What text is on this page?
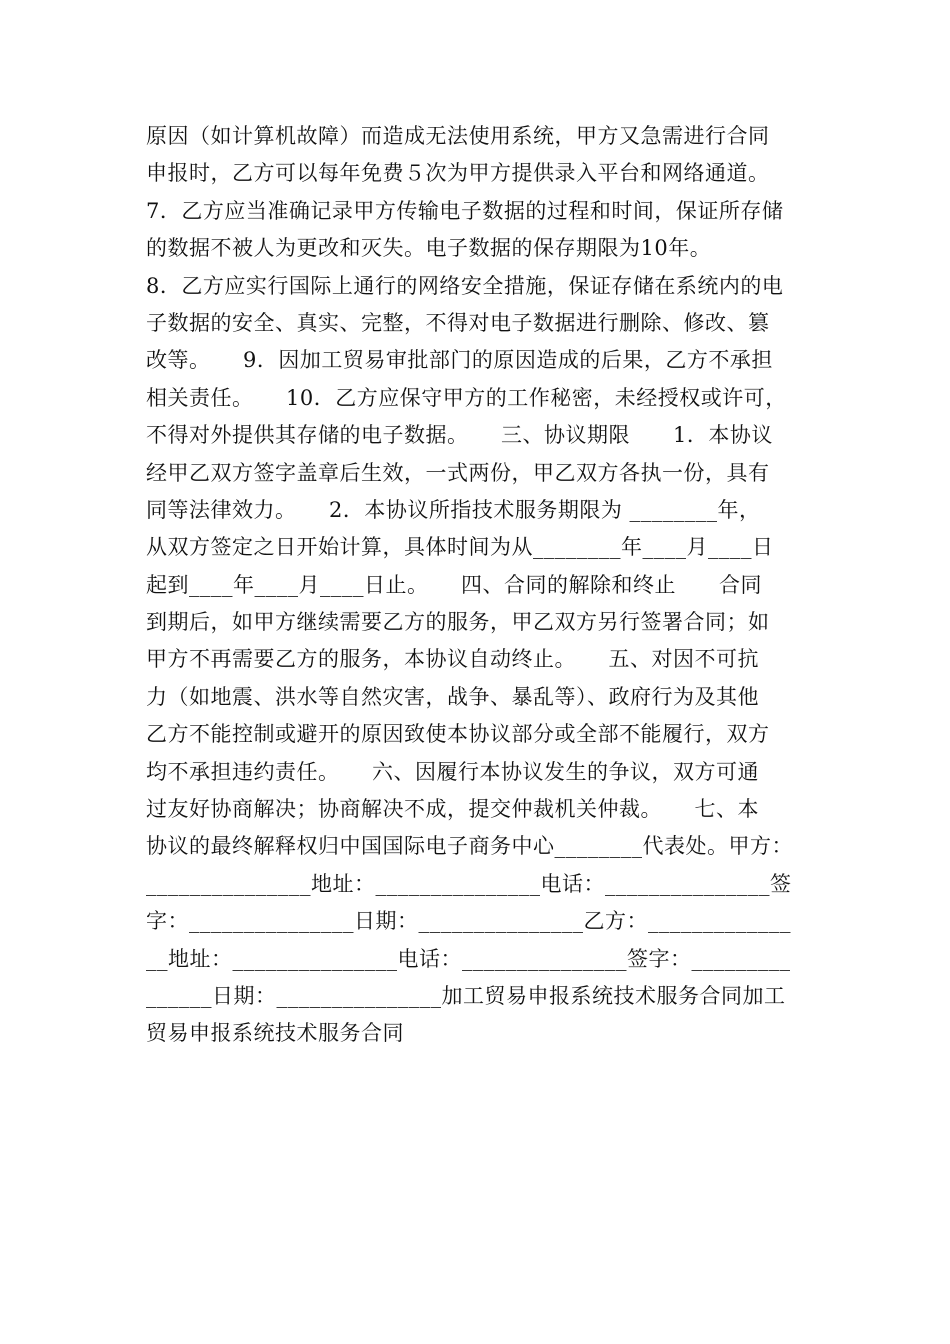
原因（如计算机故障）而造成无法使用系统，甲方又急需进行合同
申报时，乙方可以每年免费５次为甲方提供录入平台和网络通道。
7．乙方应当准确记录甲方传输电子数据的过程和时间，保证所存储
的数据不被人为更改和灭失。电子数据的保存期限为10年。
8．乙方应实行国际上通行的网络安全措施，保证存储在系统内的电
子数据的安全、真实、完整，不得对电子数据进行删除、修改、篡
改等。　　9．因加工贸易审批部门的原因造成的后果，乙方不承担
相关责任。　　10．乙方应保守甲方的工作秘密，未经授权或许可，
不得对外提供其存储的电子数据。　　三、协议期限　　1．本协议
经甲乙双方签字盖章后生效，一式两份，甲乙双方各执一份，具有
同等法律效力。　　2．本协议所指技术服务期限为 ________年，
从双方签定之日开始计算，具体时间为从________年____月____日
起到____年____月____日止。　　四、合同的解除和终止　　合同
到期后，如甲方继续需要乙方的服务，甲乙双方另行签署合同；如
甲方不再需要乙方的服务，本协议自动终止。　　五、对因不可抗
力（如地震、洪水等自然灾害，战争、暴乱等）、政府行为及其他
乙方不能控制或避开的原因致使本协议部分或全部不能履行，双方
均不承担违约责任。　　六、因履行本协议发生的争议，双方可通
过友好协商解决；协商解决不成，提交仲裁机关仲裁。　　七、本
协议的最终解释权归中国国际电子商务中心________代表处。甲方：
_______________地址：_______________电话：_______________签
字：_______________日期：_______________乙方：_____________
__地址：_______________电话：_______________签字：_________
______日期：_______________加工贸易申报系统技术服务合同加工
贸易申报系统技术服务合同
